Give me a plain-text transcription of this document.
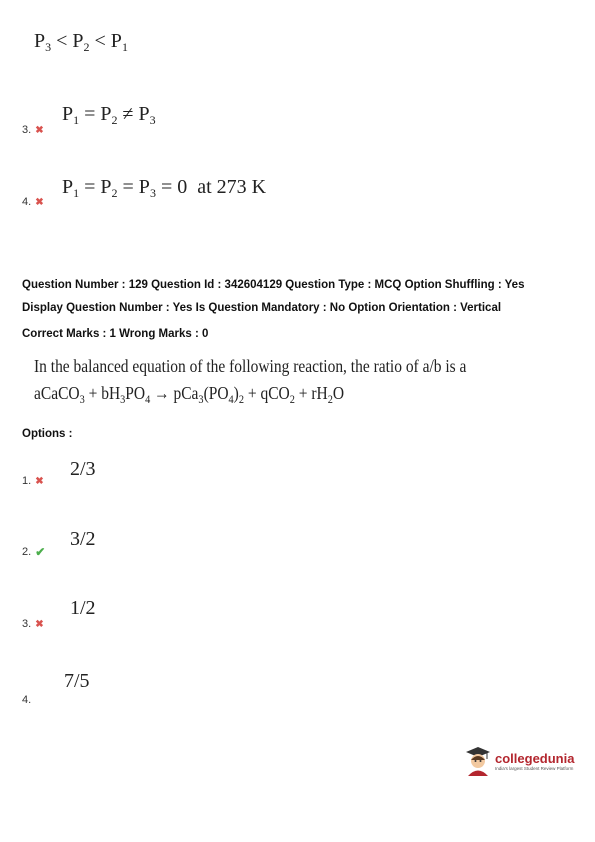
$P_3 < P_2 < P_1$
$P_1 = P_2 \ne P_3$
3. ✖
$P_1 = P_2 = P_3 = 0$  at 273 K
4. ✖
Question Number : 129 Question Id : 342604129 Question Type : MCQ Option Shuffling : Yes
Display Question Number : Yes Is Question Mandatory : No Option Orientation : Vertical
Correct Marks : 1 Wrong Marks : 0
In the balanced equation of the following reaction, the ratio of a/b is a
aCaCO$_3$ + $bH_3PO_4 \to pCa_3(PO_4)_2 + qCO_2 + rH_2O$
Options :
2/3
1. ✖
3/2
2. ✔
1/2
3. ✖
7/5
4.
collegedunia
India's largest Student Review Platform
